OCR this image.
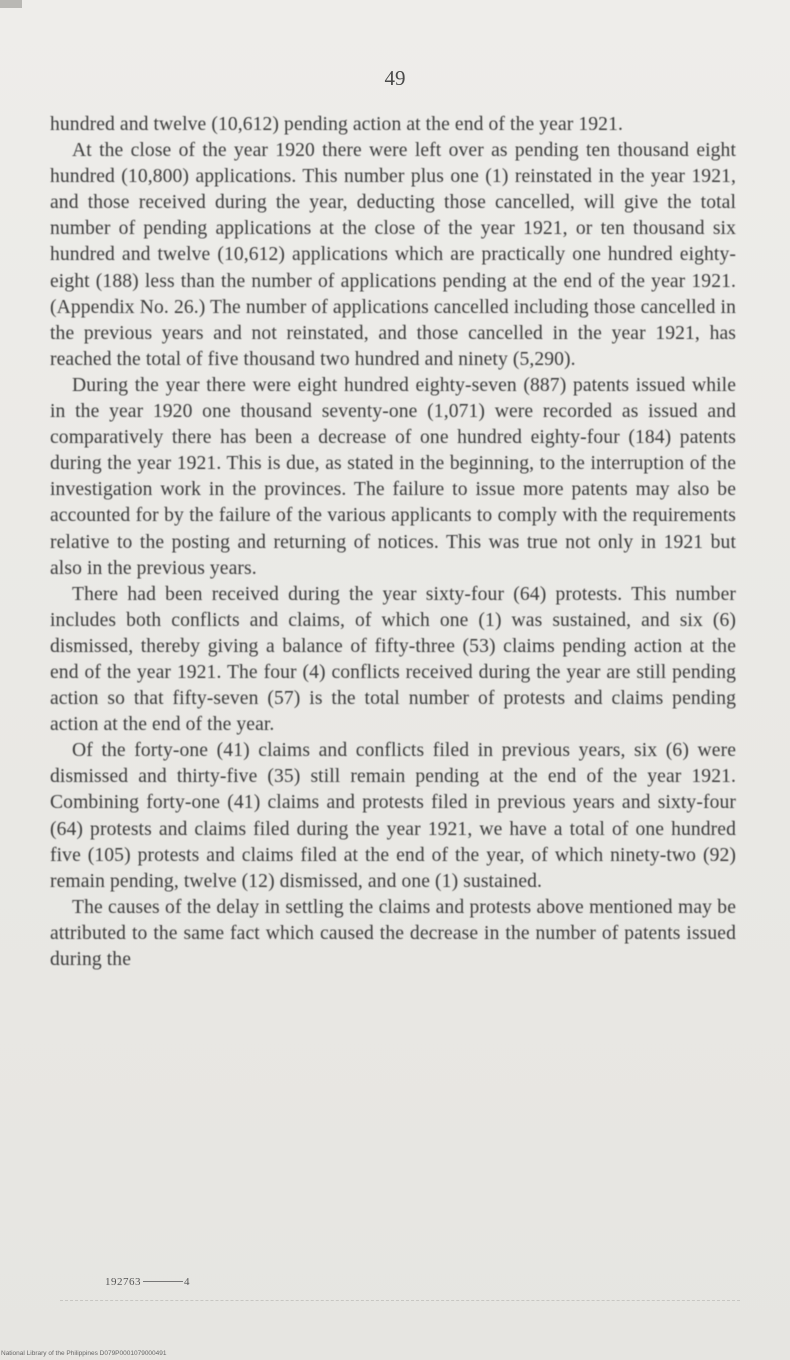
49

hundred and twelve (10,612) pending action at the end of the year 1921.

At the close of the year 1920 there were left over as pending ten thousand eight hundred (10,800) applications. This number plus one (1) reinstated in the year 1921, and those received during the year, deducting those cancelled, will give the total number of pending applications at the close of the year 1921, or ten thousand six hundred and twelve (10,612) applications which are practically one hundred eighty-eight (188) less than the number of applications pending at the end of the year 1921. (Appendix No. 26.) The number of applications cancelled including those cancelled in the previous years and not reinstated, and those cancelled in the year 1921, has reached the total of five thousand two hundred and ninety (5,290).

During the year there were eight hundred eighty-seven (887) patents issued while in the year 1920 one thousand seventy-one (1,071) were recorded as issued and comparatively there has been a decrease of one hundred eighty-four (184) patents during the year 1921. This is due, as stated in the beginning, to the interruption of the investigation work in the provinces. The failure to issue more patents may also be accounted for by the failure of the various applicants to comply with the requirements relative to the posting and returning of notices. This was true not only in 1921 but also in the previous years.

There had been received during the year sixty-four (64) protests. This number includes both conflicts and claims, of which one (1) was sustained, and six (6) dismissed, thereby giving a balance of fifty-three (53) claims pending action at the end of the year 1921. The four (4) conflicts received during the year are still pending action so that fifty-seven (57) is the total number of protests and claims pending action at the end of the year.

Of the forty-one (41) claims and conflicts filed in previous years, six (6) were dismissed and thirty-five (35) still remain pending at the end of the year 1921. Combining forty-one (41) claims and protests filed in previous years and sixty-four (64) protests and claims filed during the year 1921, we have a total of one hundred five (105) protests and claims filed at the end of the year, of which ninety-two (92) remain pending, twelve (12) dismissed, and one (1) sustained.

The causes of the delay in settling the claims and protests above mentioned may be attributed to the same fact which caused the decrease in the number of patents issued during the

192763	4
National Library of the Philippines D079P0001079000491
